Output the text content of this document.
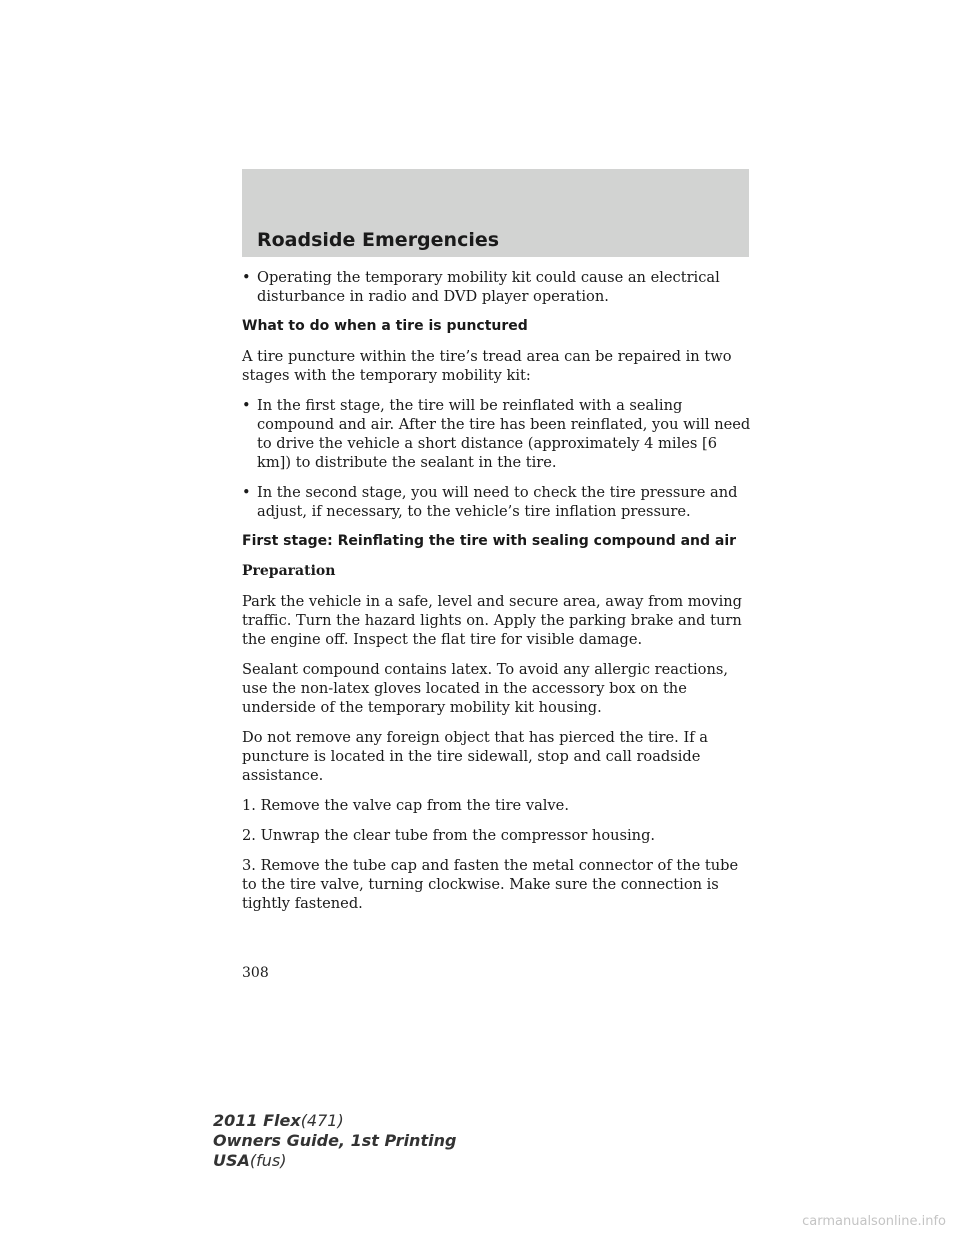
Roadside Emergencies

• Operating the temporary mobility kit could cause an electrical disturbance in radio and DVD player operation.

What to do when a tire is punctured

A tire puncture within the tire’s tread area can be repaired in two stages with the temporary mobility kit:

• In the first stage, the tire will be reinflated with a sealing compound and air. After the tire has been reinflated, you will need to drive the vehicle a short distance (approximately 4 miles [6 km]) to distribute the sealant in the tire.

• In the second stage, you will need to check the tire pressure and adjust, if necessary, to the vehicle’s tire inflation pressure.

First stage: Reinflating the tire with sealing compound and air

Preparation

Park the vehicle in a safe, level and secure area, away from moving traffic. Turn the hazard lights on. Apply the parking brake and turn the engine off. Inspect the flat tire for visible damage.

Sealant compound contains latex. To avoid any allergic reactions, use the non-latex gloves located in the accessory box on the underside of the temporary mobility kit housing.

Do not remove any foreign object that has pierced the tire. If a puncture is located in the tire sidewall, stop and call roadside assistance.

1. Remove the valve cap from the tire valve.

2. Unwrap the clear tube from the compressor housing.

3. Remove the tube cap and fasten the metal connector of the tube to the tire valve, turning clockwise. Make sure the connection is tightly fastened.

308
2011 Flex(471)
Owners Guide, 1st Printing
USA(fus)
carmanualsonline.info
